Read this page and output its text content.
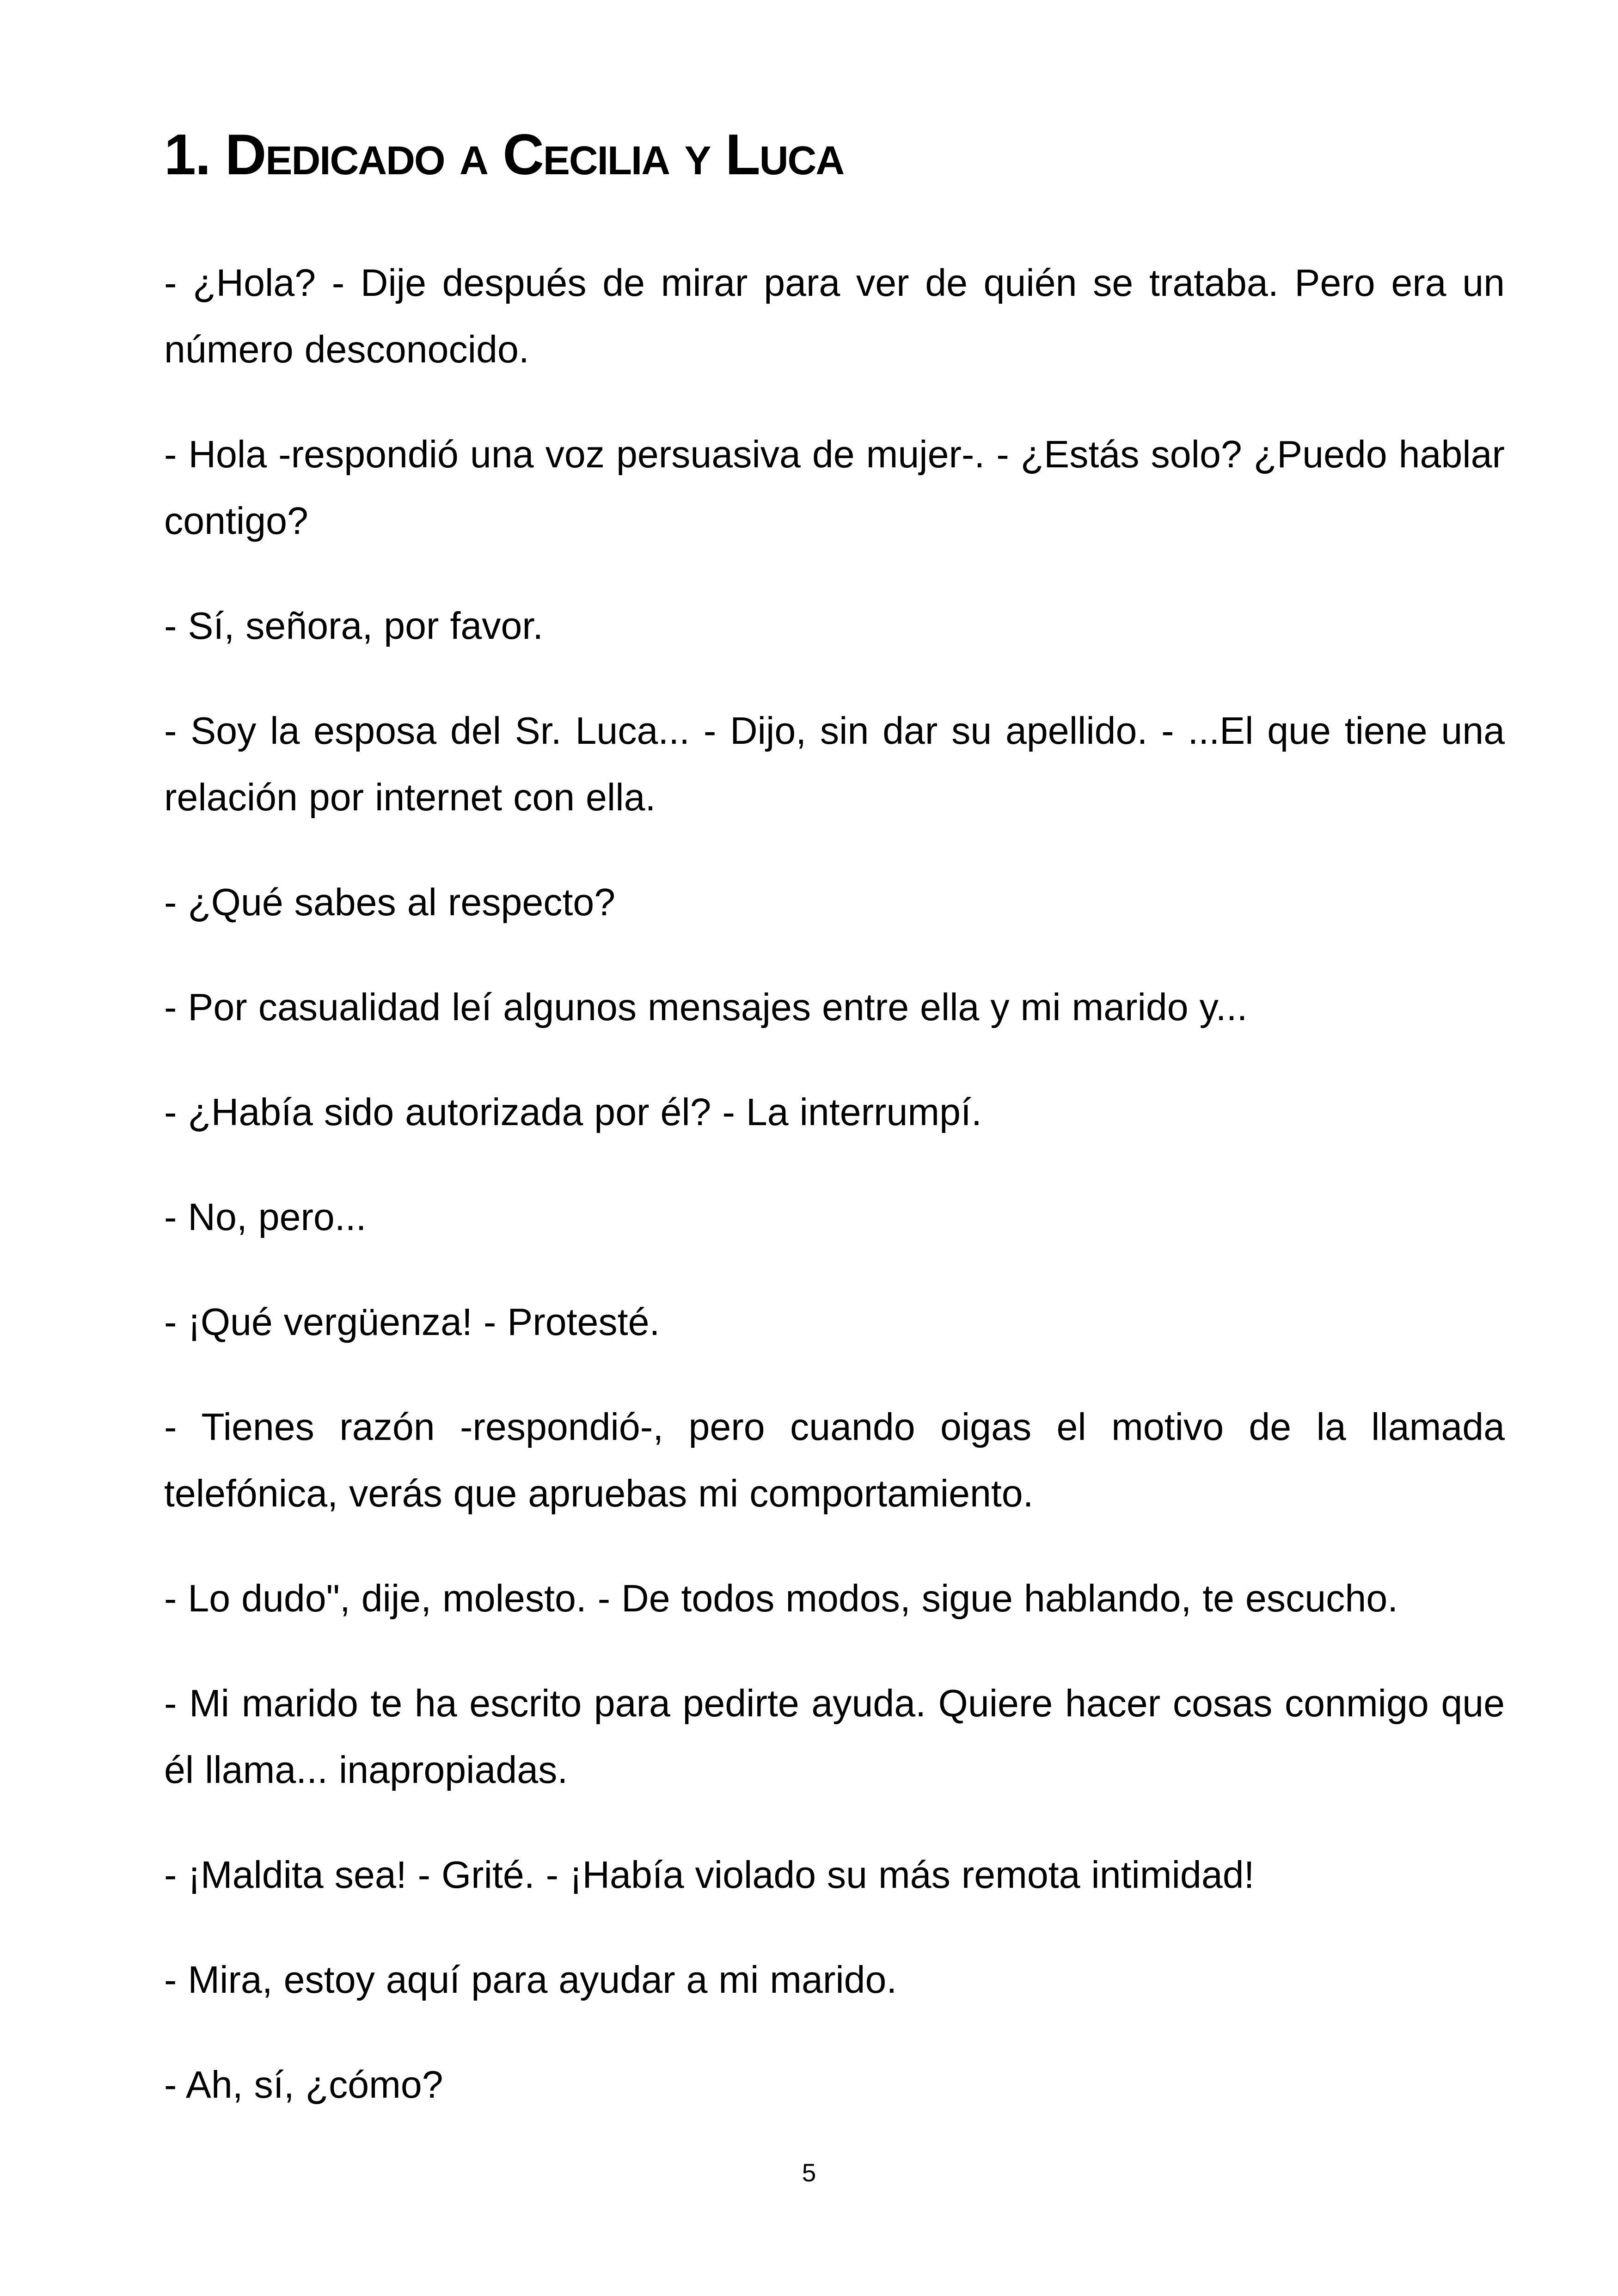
1. Dedicado a Cecilia y Luca

- ¿Hola? - Dije después de mirar para ver de quién se trataba. Pero era un número desconocido.

- Hola -respondió una voz persuasiva de mujer-. - ¿Estás solo? ¿Puedo hablar contigo?

- Sí, señora, por favor.

- Soy la esposa del Sr. Luca... - Dijo, sin dar su apellido. - ...El que tiene una relación por internet con ella.

- ¿Qué sabes al respecto?

- Por casualidad leí algunos mensajes entre ella y mi marido y...

- ¿Había sido autorizada por él? - La interrumpí.

- No, pero...

- ¡Qué vergüenza! - Protesté.

- Tienes razón -respondió-, pero cuando oigas el motivo de la llamada telefónica, verás que apruebas mi comportamiento.

- Lo dudo", dije, molesto. - De todos modos, sigue hablando, te escucho.

- Mi marido te ha escrito para pedirte ayuda. Quiere hacer cosas conmigo que él llama... inapropiadas.

- ¡Maldita sea! - Grité. - ¡Había violado su más remota intimidad!

- Mira, estoy aquí para ayudar a mi marido.

- Ah, sí, ¿cómo?

5
